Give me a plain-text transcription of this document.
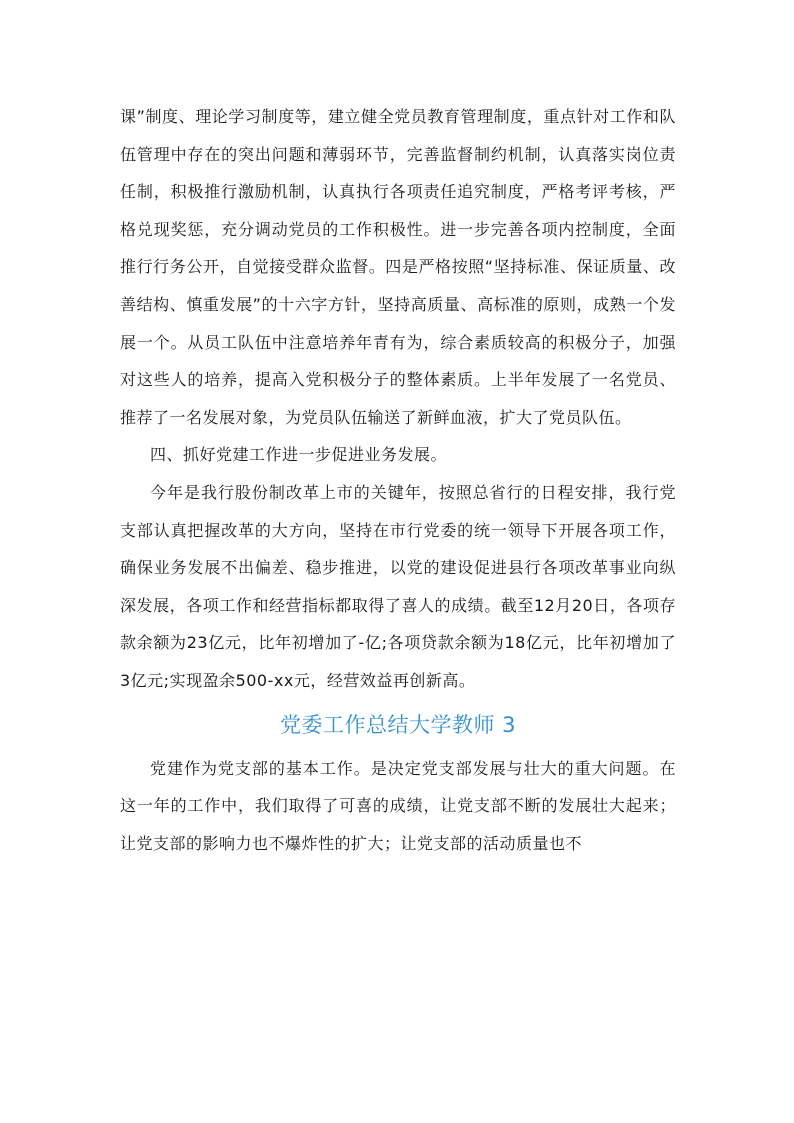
课”制度、理论学习制度等，建立健全党员教育管理制度，重点针对工作和队伍管理中存在的突出问题和薄弱环节，完善监督制约机制，认真落实岗位责任制，积极推行激励机制，认真执行各项责任追究制度，严格考评考核，严格兑现奖惩，充分调动党员的工作积极性。进一步完善各项内控制度，全面推行行务公开，自觉接受群众监督。四是严格按照“坚持标准、保证质量、改善结构、慎重发展”的十六字方针，坚持高质量、高标准的原则，成熟一个发展一个。从员工队伍中注意培养年青有为，综合素质较高的积极分子，加强对这些人的培养，提高入党积极分子的整体素质。上半年发展了一名党员、推荐了一名发展对象，为党员队伍输送了新鲜血液，扩大了党员队伍。

四、抓好党建工作进一步促进业务发展。

今年是我行股份制改革上市的关键年，按照总省行的日程安排，我行党支部认真把握改革的大方向，坚持在市行党委的统一领导下开展各项工作，确保业务发展不出偏差、稳步推进，以党的建设促进县行各项改革事业向纵深发展，各项工作和经营指标都取得了喜人的成绩。截至12月20日，各项存款余额为23亿元，比年初增加了-亿;各项贷款余额为18亿元，比年初增加了3亿元;实现盈余500-xx元，经营效益再创新高。

党委工作总结大学教师 3

党建作为党支部的基本工作。是决定党支部发展与壮大的重大问题。在这一年的工作中，我们取得了可喜的成绩，让党支部不断的发展壮大起来；让党支部的影响力也不爆炸性的扩大；让党支部的活动质量也不
